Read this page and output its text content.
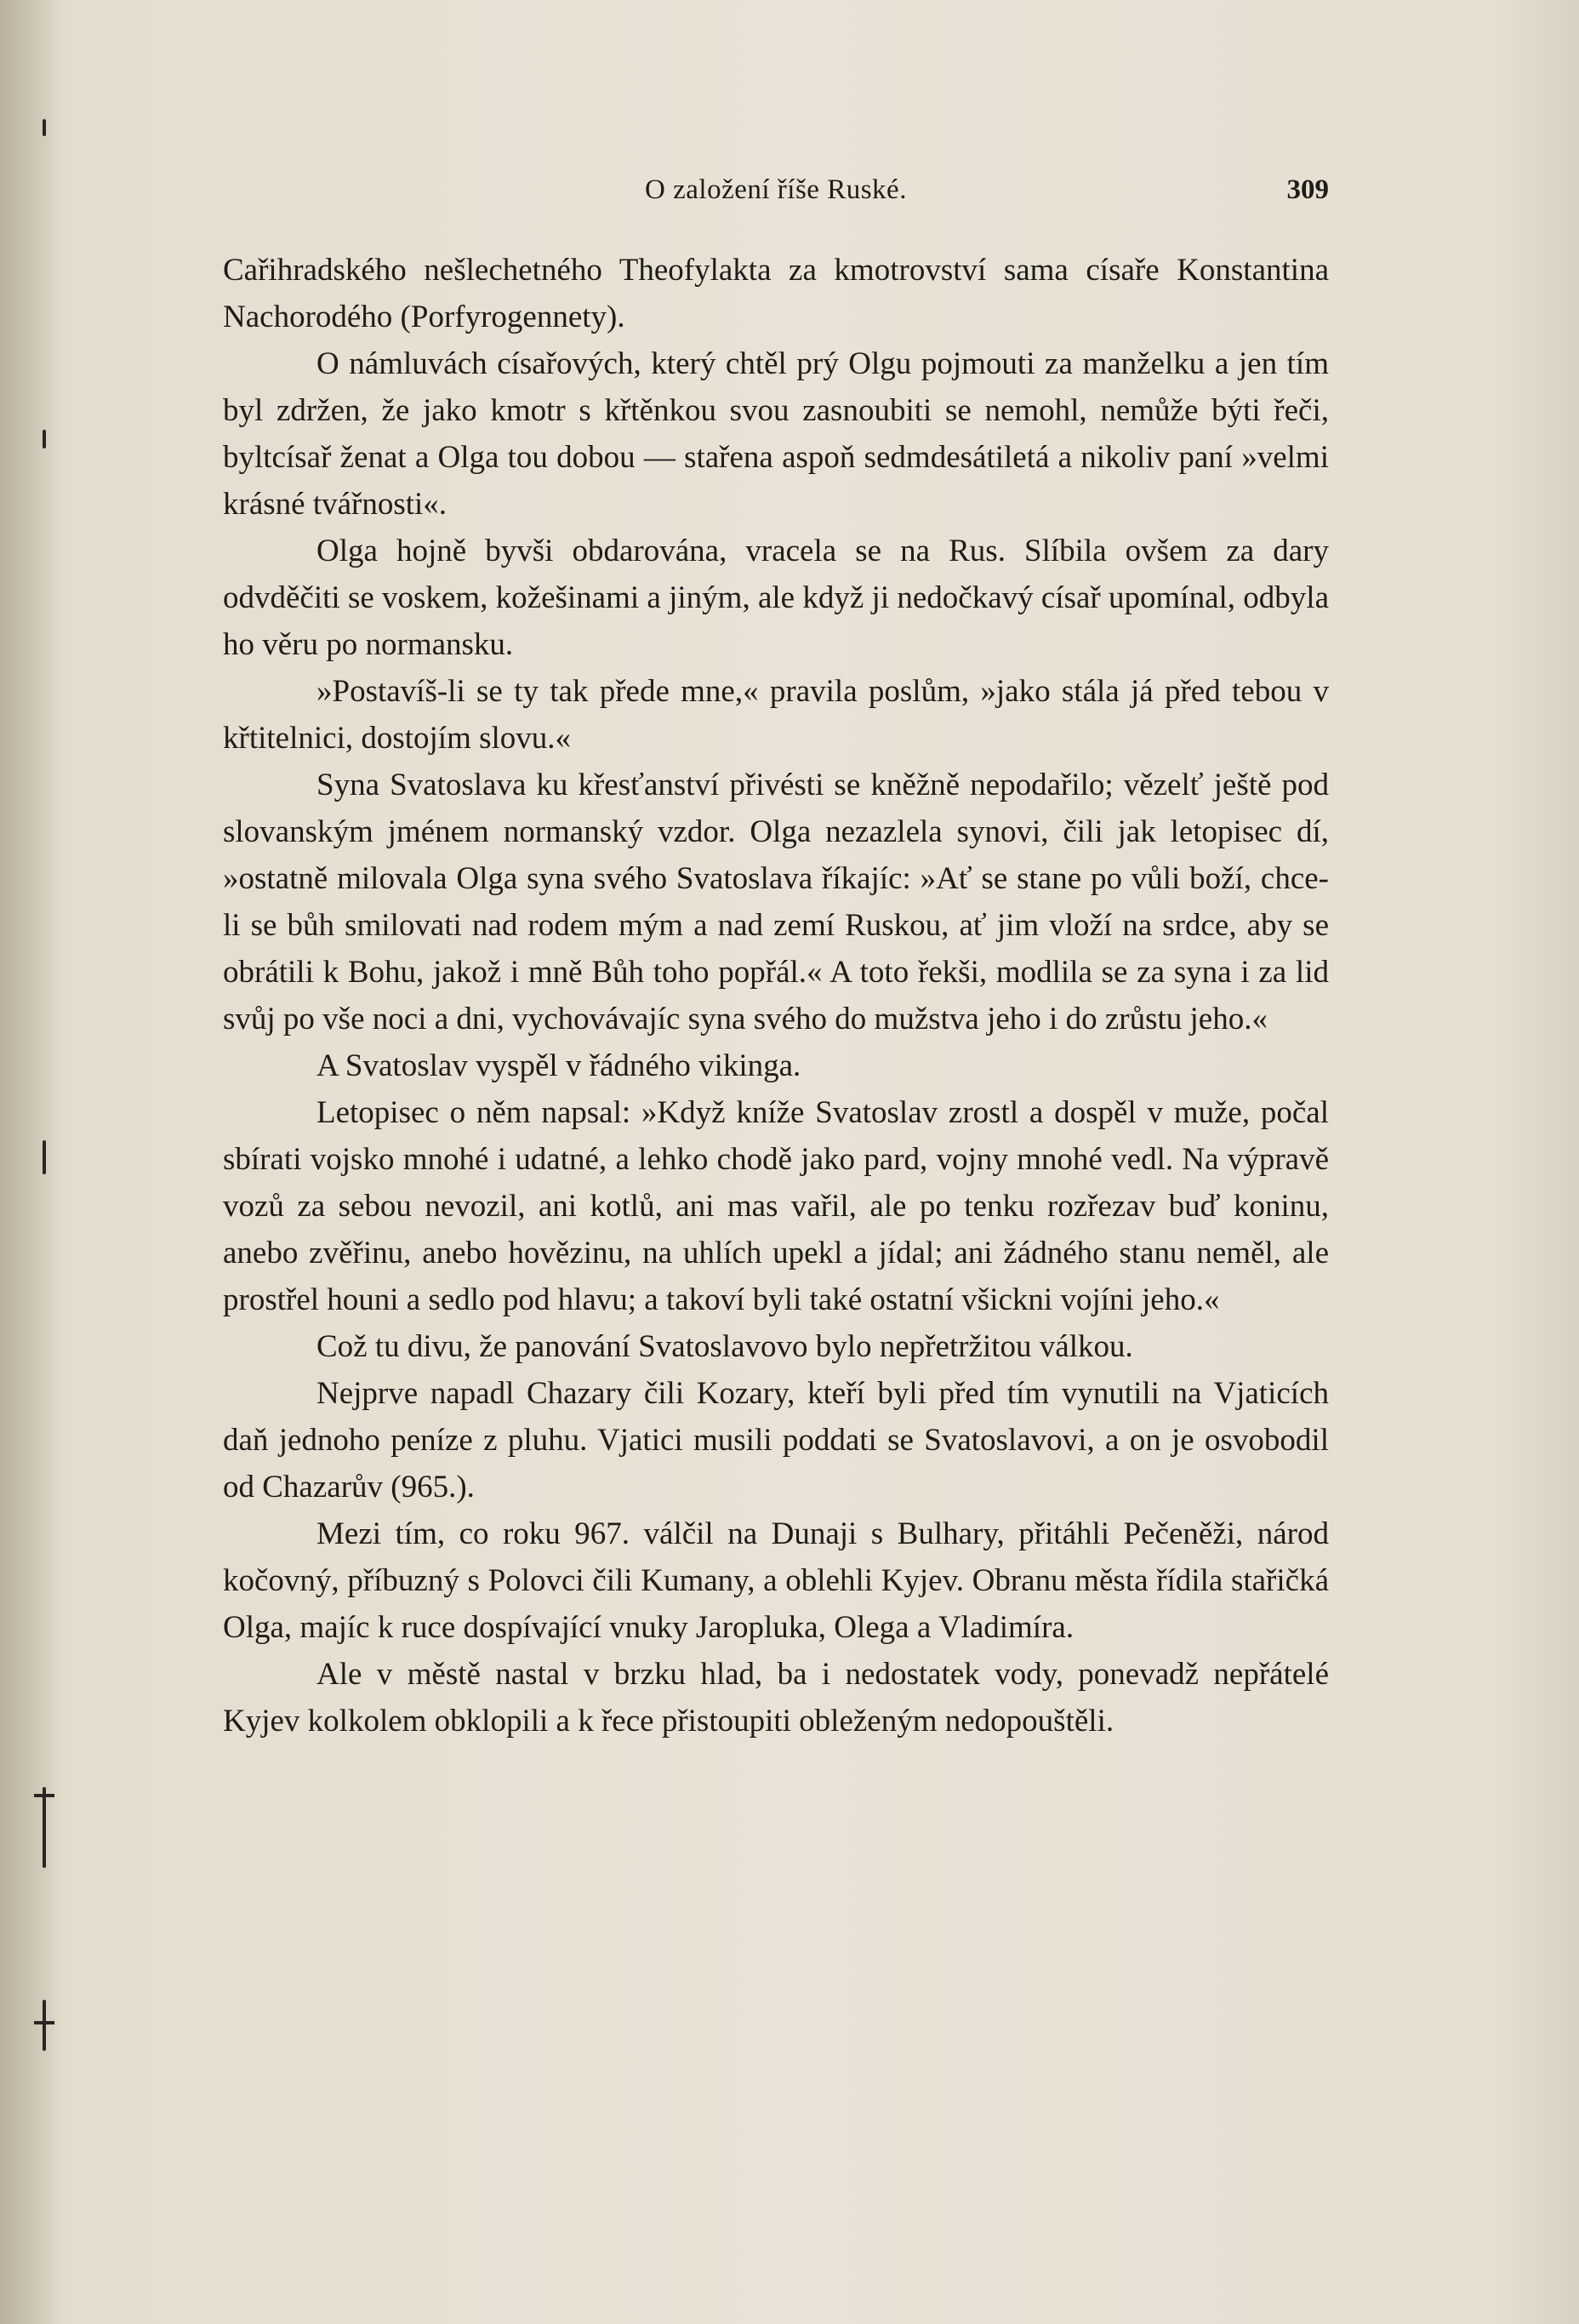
O založení říše Ruské.	309

Cařihradského nešlechetného Theofylakta za kmotrovství sama císaře Konstantina Nachorodého (Porfyrogennety).

O námluvách císařových, který chtěl prý Olgu pojmouti za manželku a jen tím byl zdržen, že jako kmotr s křtěnkou svou zasnoubiti se nemohl, nemůže býti řeči, byltcísař ženat a Olga tou dobou — stařena aspoň sedmdesátiletá a nikoliv paní »velmi krásné tvářnosti«.

Olga hojně byvši obdarována, vracela se na Rus. Slíbila ovšem za dary odvděčiti se voskem, kožešinami a jiným, ale když ji nedočkavý císař upomínal, odbyla ho věru po normansku.

»Postavíš-li se ty tak přede mne,« pravila poslům, »jako stála já před tebou v křtitelnici, dostojím slovu.«

Syna Svatoslava ku křesťanství přivésti se kněžně nepodařilo; vězelť ještě pod slovanským jménem normanský vzdor. Olga nezazlela synovi, čili jak letopisec dí, »ostatně milovala Olga syna svého Svatoslava říkajíc: »Ať se stane po vůli boží, chce-li se bůh smilovati nad rodem mým a nad zemí Ruskou, ať jim vloží na srdce, aby se obrátili k Bohu, jakož i mně Bůh toho popřál.« A toto řekši, modlila se za syna i za lid svůj po vše noci a dni, vychovávajíc syna svého do mužstva jeho i do zrůstu jeho.«

A Svatoslav vyspěl v řádného vikinga.

Letopisec o něm napsal: »Když kníže Svatoslav zrostl a dospěl v muže, počal sbírati vojsko mnohé i udatné, a lehko chodě jako pard, vojny mnohé vedl. Na výpravě vozů za sebou nevozil, ani kotlů, ani mas vařil, ale po tenku rozřezav buď koninu, anebo zvěřinu, anebo hovězinu, na uhlích upekl a jídal; ani žádného stanu neměl, ale prostřel houni a sedlo pod hlavu; a takoví byli také ostatní všickni vojíni jeho.«

Což tu divu, že panování Svatoslavovo bylo nepřetržitou válkou.

Nejprve napadl Chazary čili Kozary, kteří byli před tím vynutili na Vjaticích daň jednoho peníze z pluhu. Vjatici musili poddati se Svatoslavovi, a on je osvobodil od Chazarův (965.).

Mezi tím, co roku 967. válčil na Dunaji s Bulhary, přitáhli Pečeněži, národ kočovný, příbuzný s Polovci čili Kumany, a oblehli Kyjev. Obranu města řídila stařičká Olga, majíc k ruce dospívající vnuky Jaropluka, Olega a Vladimíra.

Ale v městě nastal v brzku hlad, ba i nedostatek vody, ponevadž nepřátelé Kyjev kolkolem obklopili a k řece přistoupiti obleženým nedopouštěli.
